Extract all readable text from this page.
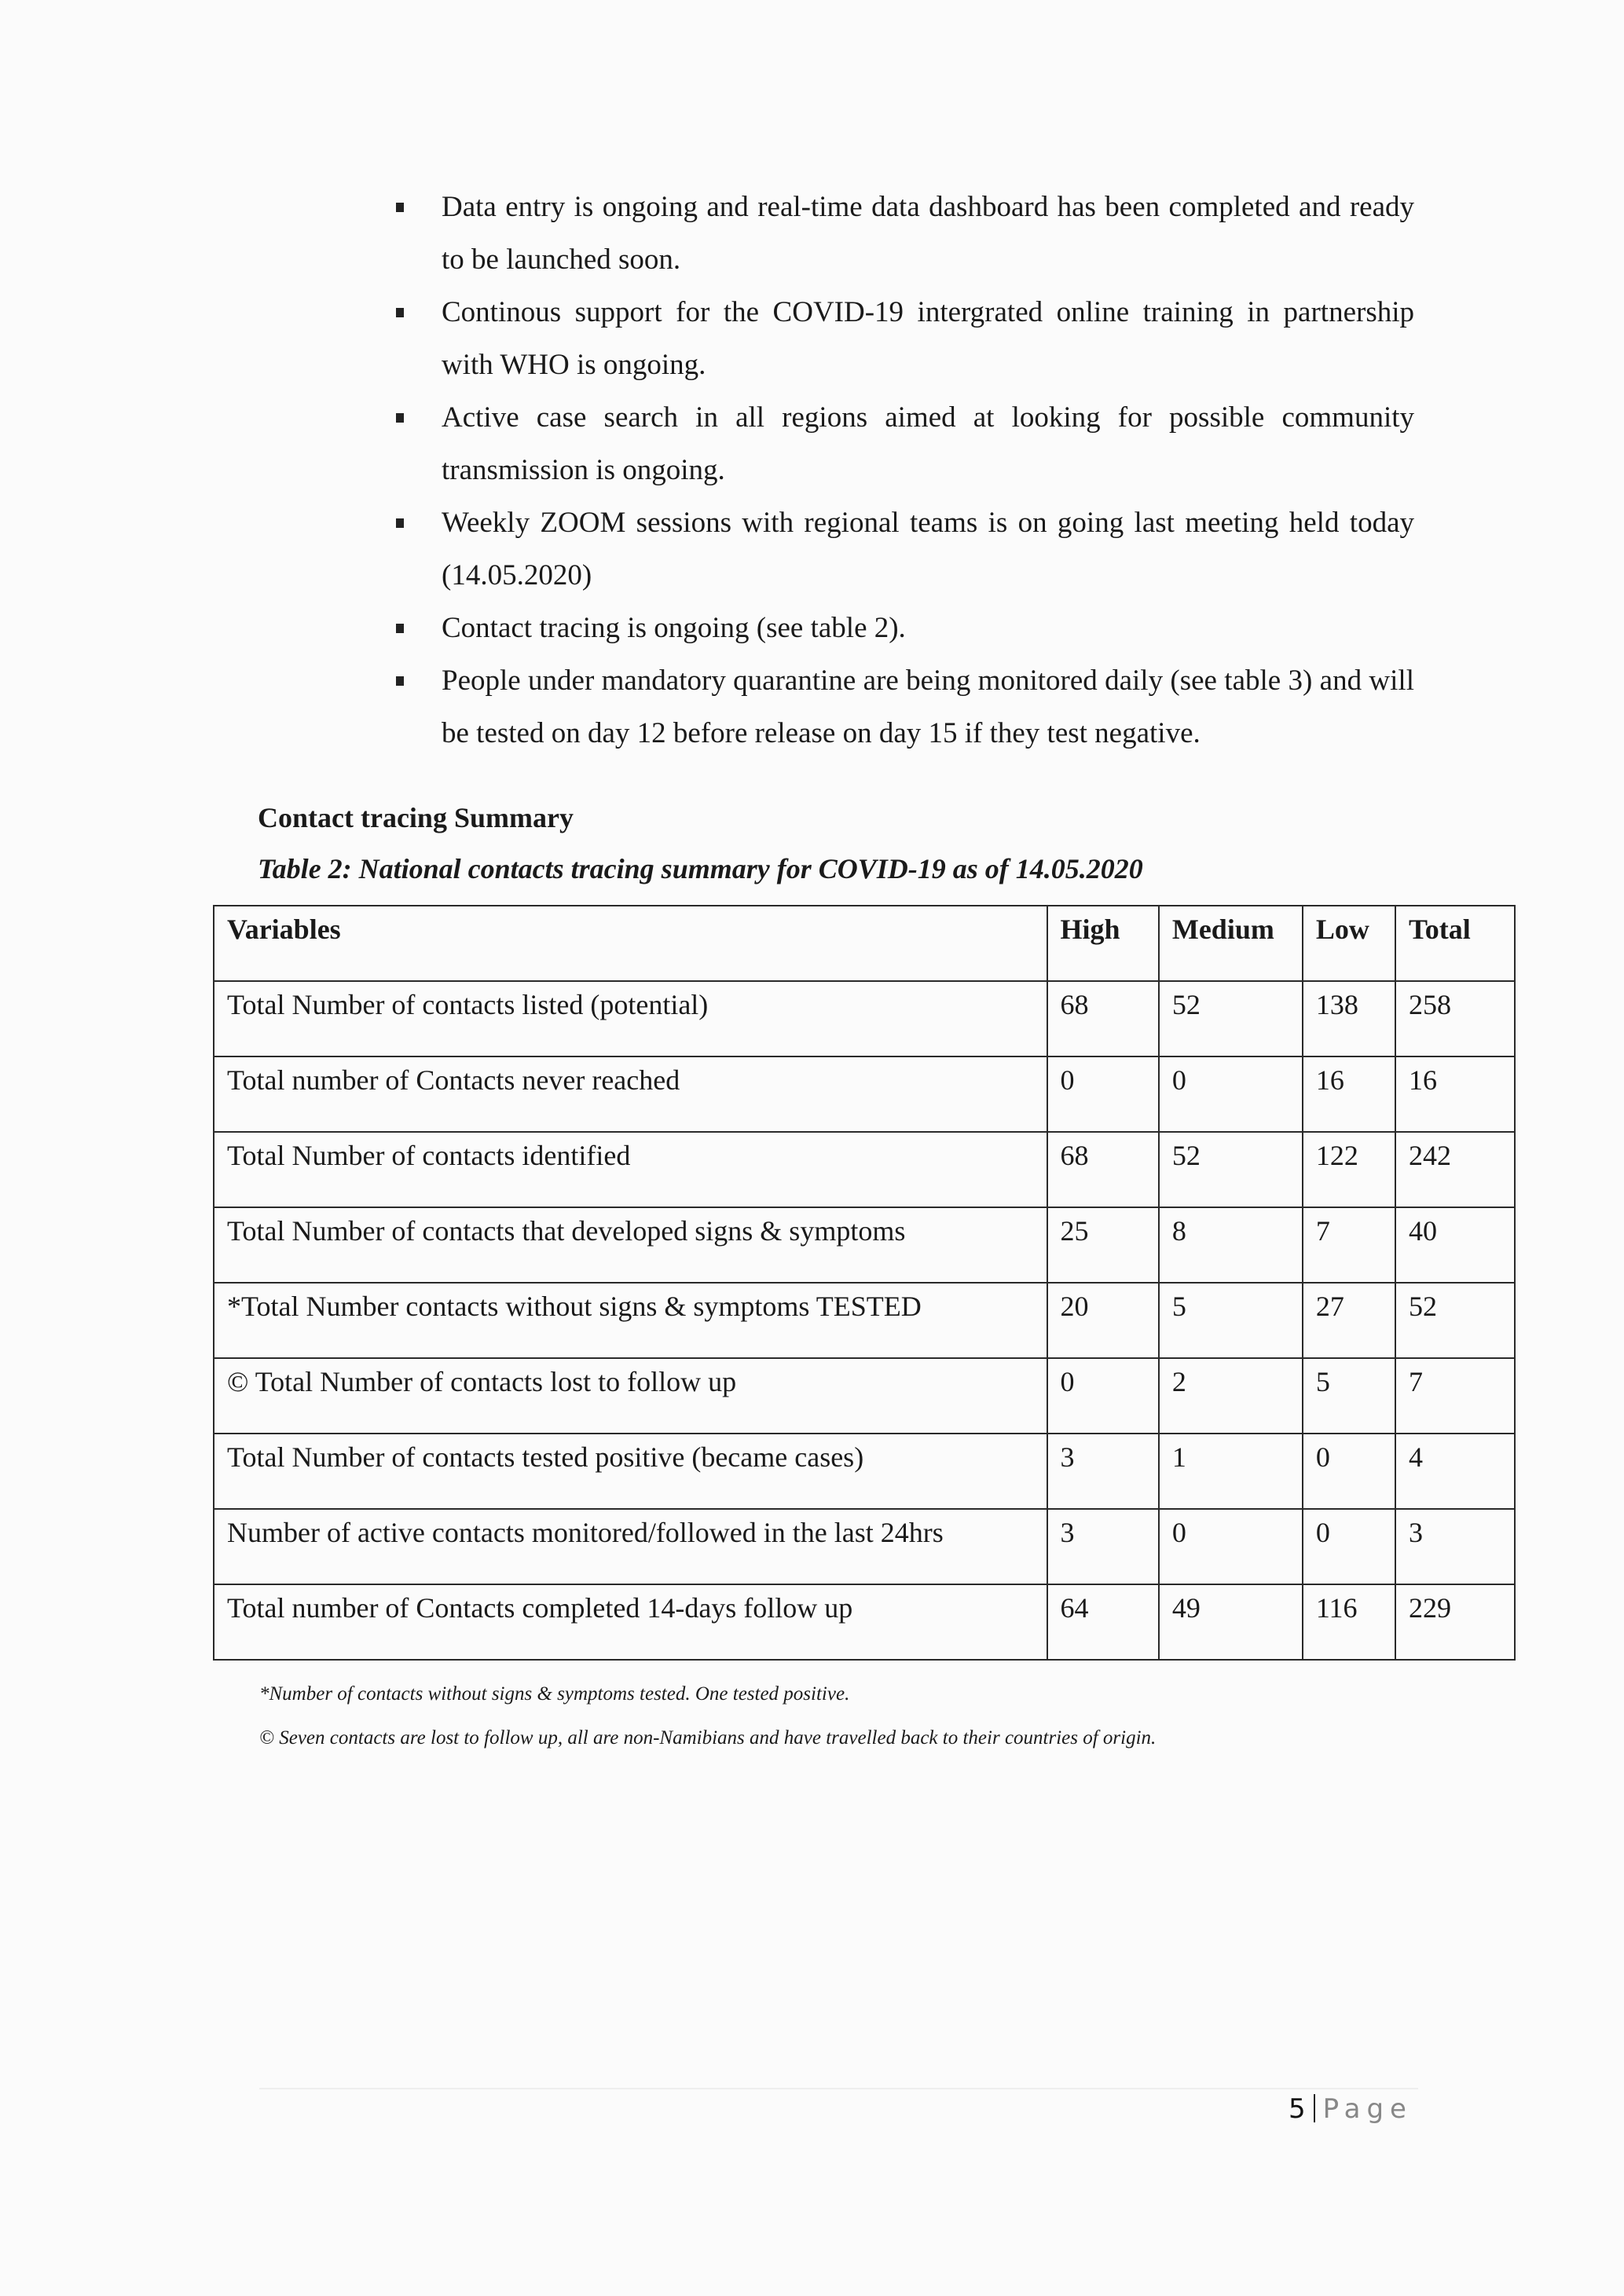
Data entry is ongoing and real-time data dashboard has been completed and ready to be launched soon.
Continous support for the COVID-19 intergrated online training in partnership with WHO is ongoing.
Active case search in all regions aimed at looking for possible community transmission is ongoing.
Weekly ZOOM sessions with regional teams is on going last meeting held today (14.05.2020)
Contact tracing is ongoing (see table 2).
People under mandatory quarantine are being monitored daily (see table 3) and will be tested on day 12 before release on day 15 if they test negative.
Contact tracing Summary

Table 2: National contacts tracing summary for COVID-19 as of 14.05.2020

Variables	High	Medium	Low	Total
Total Number of contacts listed (potential)	68	52	138	258
Total number of Contacts never reached	0	0	16	16
Total Number of contacts identified	68	52	122	242
Total Number of contacts that developed signs & symptoms	25	8	7	40
*Total Number contacts without signs & symptoms TESTED	20	5	27	52
© Total Number of contacts lost to follow up	0	2	5	7
Total Number of contacts tested positive (became cases)	3	1	0	4
Number of active contacts monitored/followed in the last 24hrs	3	0	0	3
Total number of Contacts completed 14-days follow up	64	49	116	229

*Number of contacts without signs & symptoms tested. One tested positive.

© Seven contacts are lost to follow up, all are non-Namibians and have travelled back to their countries of origin.

5 Page
